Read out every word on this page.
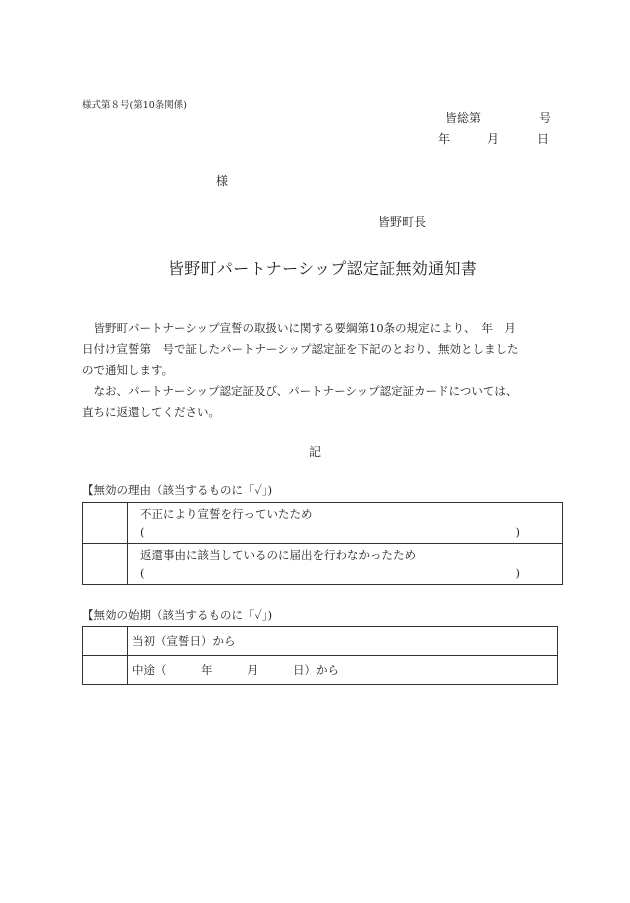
様式第８号(第10条関係)
皆総第	号
年	月	日
様
皆野町長
皆野町パートナーシップ認定証無効通知書

　皆野町パートナーシップ宣誓の取扱いに関する要綱第10条の規定により、　年　月

日付け宣誓第　号で証したパートナーシップ認定証を下記のとおり、無効としました

ので通知します。

　なお、パートナーシップ認定証及び、パートナーシップ認定証カードについては、

直ちに返還してください。

記
【無効の理由（該当するものに「✓」)

	不正により宣誓を行っていたため
( )

	返還事由に該当しているのに届出を行わなかったため
( )
【無効の始期（該当するものに「✓」)
	当初（宣誓日）から
	中途（　　　年　　　月　　　日）から
